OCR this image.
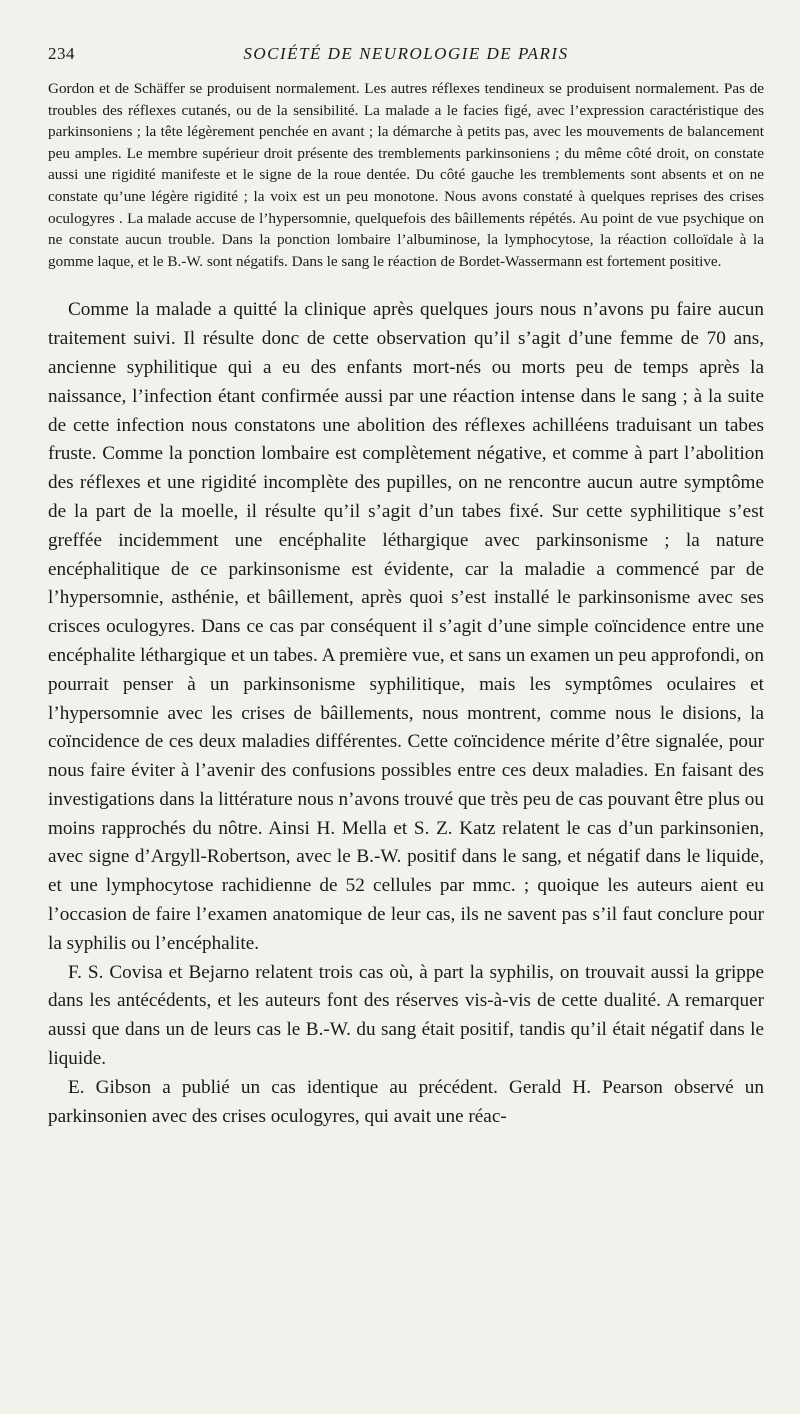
234	SOCIÉTÉ DE NEUROLOGIE DE PARIS

Gordon et de Schäffer se produisent normalement. Les autres réflexes tendineux se produisent normalement. Pas de troubles des réflexes cutanés, ou de la sensibilité. La malade a le facies figé, avec l’expression caractéristique des parkinsoniens ; la tête légèrement penchée en avant ; la démarche à petits pas, avec les mouvements de balancement peu amples. Le membre supérieur droit présente des tremblements parkinsoniens ; du même côté droit, on constate aussi une rigidité manifeste et le signe de la roue dentée. Du côté gauche les tremblements sont absents et on ne constate qu’une légère rigidité ; la voix est un peu monotone. Nous avons constaté à quelques reprises des crises oculogyres . La malade accuse de l’hypersomnie, quelquefois des bâillements répétés. Au point de vue psychique on ne constate aucun trouble. Dans la ponction lombaire l’albuminose, la lymphocytose, la réaction colloïdale à la gomme laque, et le B.-W. sont négatifs. Dans le sang le réaction de Bordet-Wassermann est fortement positive.

Comme la malade a quitté la clinique après quelques jours nous n’avons pu faire aucun traitement suivi. Il résulte donc de cette observation qu’il s’agit d’une femme de 70 ans, ancienne syphilitique qui a eu des enfants mort-nés ou morts peu de temps après la naissance, l’infection étant confirmée aussi par une réaction intense dans le sang ; à la suite de cette infection nous constatons une abolition des réflexes achilléens traduisant un tabes fruste. Comme la ponction lombaire est complètement négative, et comme à part l’abolition des réflexes et une rigidité incomplète des pupilles, on ne rencontre aucun autre symptôme de la part de la moelle, il résulte qu’il s’agit d’un tabes fixé. Sur cette syphilitique s’est greffée incidemment une encéphalite léthargique avec parkinsonisme ; la nature encéphalitique de ce parkinsonisme est évidente, car la maladie a commencé par de l’hypersomnie, asthénie, et bâillement, après quoi s’est installé le parkinsonisme avec ses crisces oculogyres. Dans ce cas par conséquent il s’agit d’une simple coïncidence entre une encéphalite léthargique et un tabes. A première vue, et sans un examen un peu approfondi, on pourrait penser à un parkinsonisme syphilitique, mais les symptômes oculaires et l’hypersomnie avec les crises de bâillements, nous montrent, comme nous le disions, la coïncidence de ces deux maladies différentes. Cette coïncidence mérite d’être signalée, pour nous faire éviter à l’avenir des confusions possibles entre ces deux maladies. En faisant des investigations dans la littérature nous n’avons trouvé que très peu de cas pouvant être plus ou moins rapprochés du nôtre. Ainsi H. Mella et S. Z. Katz relatent le cas d’un parkinsonien, avec signe d’Argyll-Robertson, avec le B.-W. positif dans le sang, et négatif dans le liquide, et une lymphocytose rachidienne de 52 cellules par mmc. ; quoique les auteurs aient eu l’occasion de faire l’examen anatomique de leur cas, ils ne savent pas s’il faut conclure pour la syphilis ou l’encéphalite.

F. S. Covisa et Bejarno relatent trois cas où, à part la syphilis, on trouvait aussi la grippe dans les antécédents, et les auteurs font des réserves vis-à-vis de cette dualité. A remarquer aussi que dans un de leurs cas le B.-W. du sang était positif, tandis qu’il était négatif dans le liquide.

E. Gibson a publié un cas identique au précédent. Gerald H. Pearson observé un parkinsonien avec des crises oculogyres, qui avait une réac-
